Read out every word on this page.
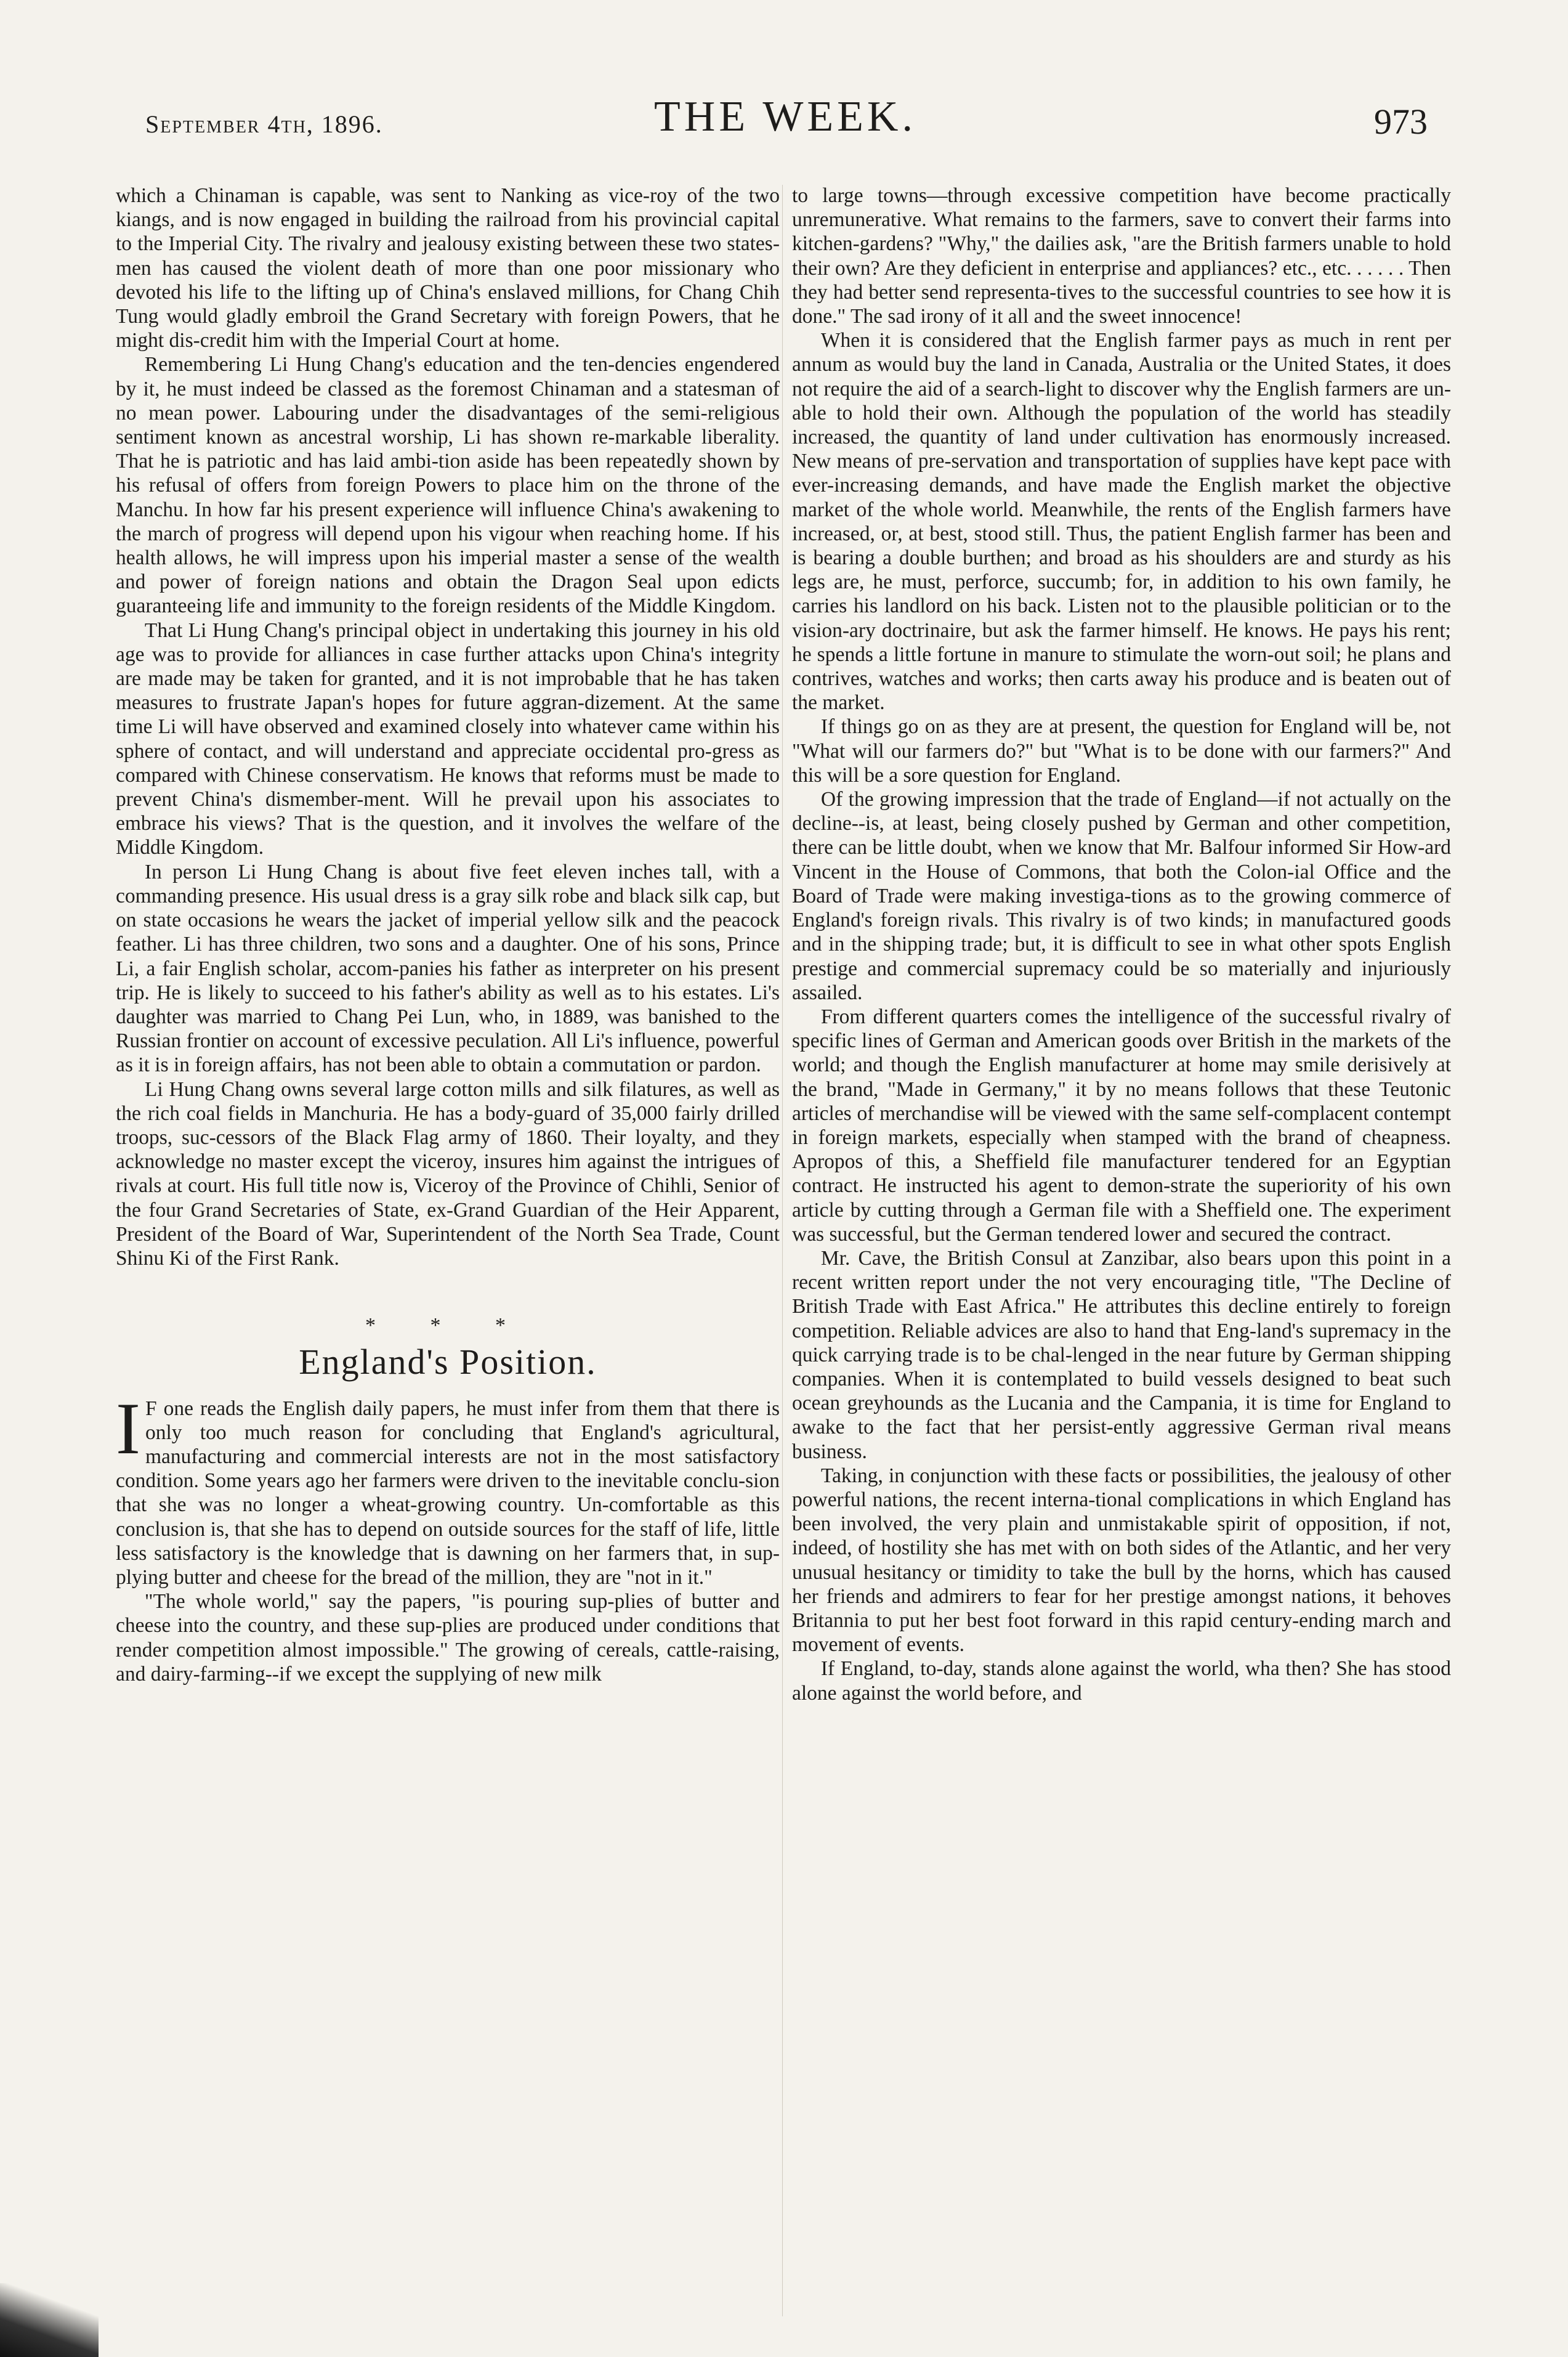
September 4th, 1896.	THE WEEK.	973

which a Chinaman is capable, was sent to Nanking as vice-roy of the two kiangs, and is now engaged in building the railroad from his provincial capital to the Imperial City. The rivalry and jealousy existing between these two states-men has caused the violent death of more than one poor missionary who devoted his life to the lifting up of China's enslaved millions, for Chang Chih Tung would gladly embroil the Grand Secretary with foreign Powers, that he might dis-credit him with the Imperial Court at home.

Remembering Li Hung Chang's education and the ten-dencies engendered by it, he must indeed be classed as the foremost Chinaman and a statesman of no mean power. Labouring under the disadvantages of the semi-religious sentiment known as ancestral worship, Li has shown re-markable liberality. That he is patriotic and has laid ambi-tion aside has been repeatedly shown by his refusal of offers from foreign Powers to place him on the throne of the Manchu. In how far his present experience will influence China's awakening to the march of progress will depend upon his vigour when reaching home. If his health allows, he will impress upon his imperial master a sense of the wealth and power of foreign nations and obtain the Dragon Seal upon edicts guaranteeing life and immunity to the foreign residents of the Middle Kingdom.

That Li Hung Chang's principal object in undertaking this journey in his old age was to provide for alliances in case further attacks upon China's integrity are made may be taken for granted, and it is not improbable that he has taken measures to frustrate Japan's hopes for future aggran-dizement. At the same time Li will have observed and examined closely into whatever came within his sphere of contact, and will understand and appreciate occidental pro-gress as compared with Chinese conservatism. He knows that reforms must be made to prevent China's dismember-ment. Will he prevail upon his associates to embrace his views? That is the question, and it involves the welfare of the Middle Kingdom.

In person Li Hung Chang is about five feet eleven inches tall, with a commanding presence. His usual dress is a gray silk robe and black silk cap, but on state occasions he wears the jacket of imperial yellow silk and the peacock feather. Li has three children, two sons and a daughter. One of his sons, Prince Li, a fair English scholar, accom-panies his father as interpreter on his present trip. He is likely to succeed to his father's ability as well as to his estates. Li's daughter was married to Chang Pei Lun, who, in 1889, was banished to the Russian frontier on account of excessive peculation. All Li's influence, powerful as it is in foreign affairs, has not been able to obtain a commutation or pardon.

Li Hung Chang owns several large cotton mills and silk filatures, as well as the rich coal fields in Manchuria. He has a body-guard of 35,000 fairly drilled troops, suc-cessors of the Black Flag army of 1860. Their loyalty, and they acknowledge no master except the viceroy, insures him against the intrigues of rivals at court. His full title now is, Viceroy of the Province of Chihli, Senior of the four Grand Secretaries of State, ex-Grand Guardian of the Heir Apparent, President of the Board of War, Superintendent of the North Sea Trade, Count Shinu Ki of the First Rank.

* * *
England's Position.

I F one reads the English daily papers, he must infer from them that there is only too much reason for concluding that England's agricultural, manufacturing and commercial interests are not in the most satisfactory condition. Some years ago her farmers were driven to the inevitable conclu-sion that she was no longer a wheat-growing country. Un-comfortable as this conclusion is, that she has to depend on outside sources for the staff of life, little less satisfactory is the knowledge that is dawning on her farmers that, in sup-plying butter and cheese for the bread of the million, they are "not in it."

"The whole world," say the papers, "is pouring sup-plies of butter and cheese into the country, and these sup-plies are produced under conditions that render competition almost impossible." The growing of cereals, cattle-raising, and dairy-farming--if we except the supplying of new milk

to large towns—through excessive competition have become practically unremunerative. What remains to the farmers, save to convert their farms into kitchen-gardens? "Why," the dailies ask, "are the British farmers unable to hold their own? Are they deficient in enterprise and appliances? etc., etc. . . . . . Then they had better send representa-tives to the successful countries to see how it is done." The sad irony of it all and the sweet innocence!

When it is considered that the English farmer pays as much in rent per annum as would buy the land in Canada, Australia or the United States, it does not require the aid of a search-light to discover why the English farmers are un-able to hold their own. Although the population of the world has steadily increased, the quantity of land under cultivation has enormously increased. New means of pre-servation and transportation of supplies have kept pace with ever-increasing demands, and have made the English market the objective market of the whole world. Meanwhile, the rents of the English farmers have increased, or, at best, stood still. Thus, the patient English farmer has been and is bearing a double burthen; and broad as his shoulders are and sturdy as his legs are, he must, perforce, succumb; for, in addition to his own family, he carries his landlord on his back. Listen not to the plausible politician or to the vision-ary doctrinaire, but ask the farmer himself. He knows. He pays his rent; he spends a little fortune in manure to stimulate the worn-out soil; he plans and contrives, watches and works; then carts away his produce and is beaten out of the market.

If things go on as they are at present, the question for England will be, not "What will our farmers do?" but "What is to be done with our farmers?" And this will be a sore question for England.

Of the growing impression that the trade of England—if not actually on the decline--is, at least, being closely pushed by German and other competition, there can be little doubt, when we know that Mr. Balfour informed Sir How-ard Vincent in the House of Commons, that both the Colon-ial Office and the Board of Trade were making investiga-tions as to the growing commerce of England's foreign rivals. This rivalry is of two kinds; in manufactured goods and in the shipping trade; but, it is difficult to see in what other spots English prestige and commercial supremacy could be so materially and injuriously assailed.

From different quarters comes the intelligence of the successful rivalry of specific lines of German and American goods over British in the markets of the world; and though the English manufacturer at home may smile derisively at the brand, "Made in Germany," it by no means follows that these Teutonic articles of merchandise will be viewed with the same self-complacent contempt in foreign markets, especially when stamped with the brand of cheapness. Apropos of this, a Sheffield file manufacturer tendered for an Egyptian contract. He instructed his agent to demon-strate the superiority of his own article by cutting through a German file with a Sheffield one. The experiment was successful, but the German tendered lower and secured the contract.

Mr. Cave, the British Consul at Zanzibar, also bears upon this point in a recent written report under the not very encouraging title, "The Decline of British Trade with East Africa." He attributes this decline entirely to foreign competition. Reliable advices are also to hand that Eng-land's supremacy in the quick carrying trade is to be chal-lenged in the near future by German shipping companies. When it is contemplated to build vessels designed to beat such ocean greyhounds as the Lucania and the Campania, it is time for England to awake to the fact that her persist-ently aggressive German rival means business.

Taking, in conjunction with these facts or possibilities, the jealousy of other powerful nations, the recent interna-tional complications in which England has been involved, the very plain and unmistakable spirit of opposition, if not, indeed, of hostility she has met with on both sides of the Atlantic, and her very unusual hesitancy or timidity to take the bull by the horns, which has caused her friends and admirers to fear for her prestige amongst nations, it behoves Britannia to put her best foot forward in this rapid century-ending march and movement of events.

If England, to-day, stands alone against the world, wha then? She has stood alone against the world before, and
